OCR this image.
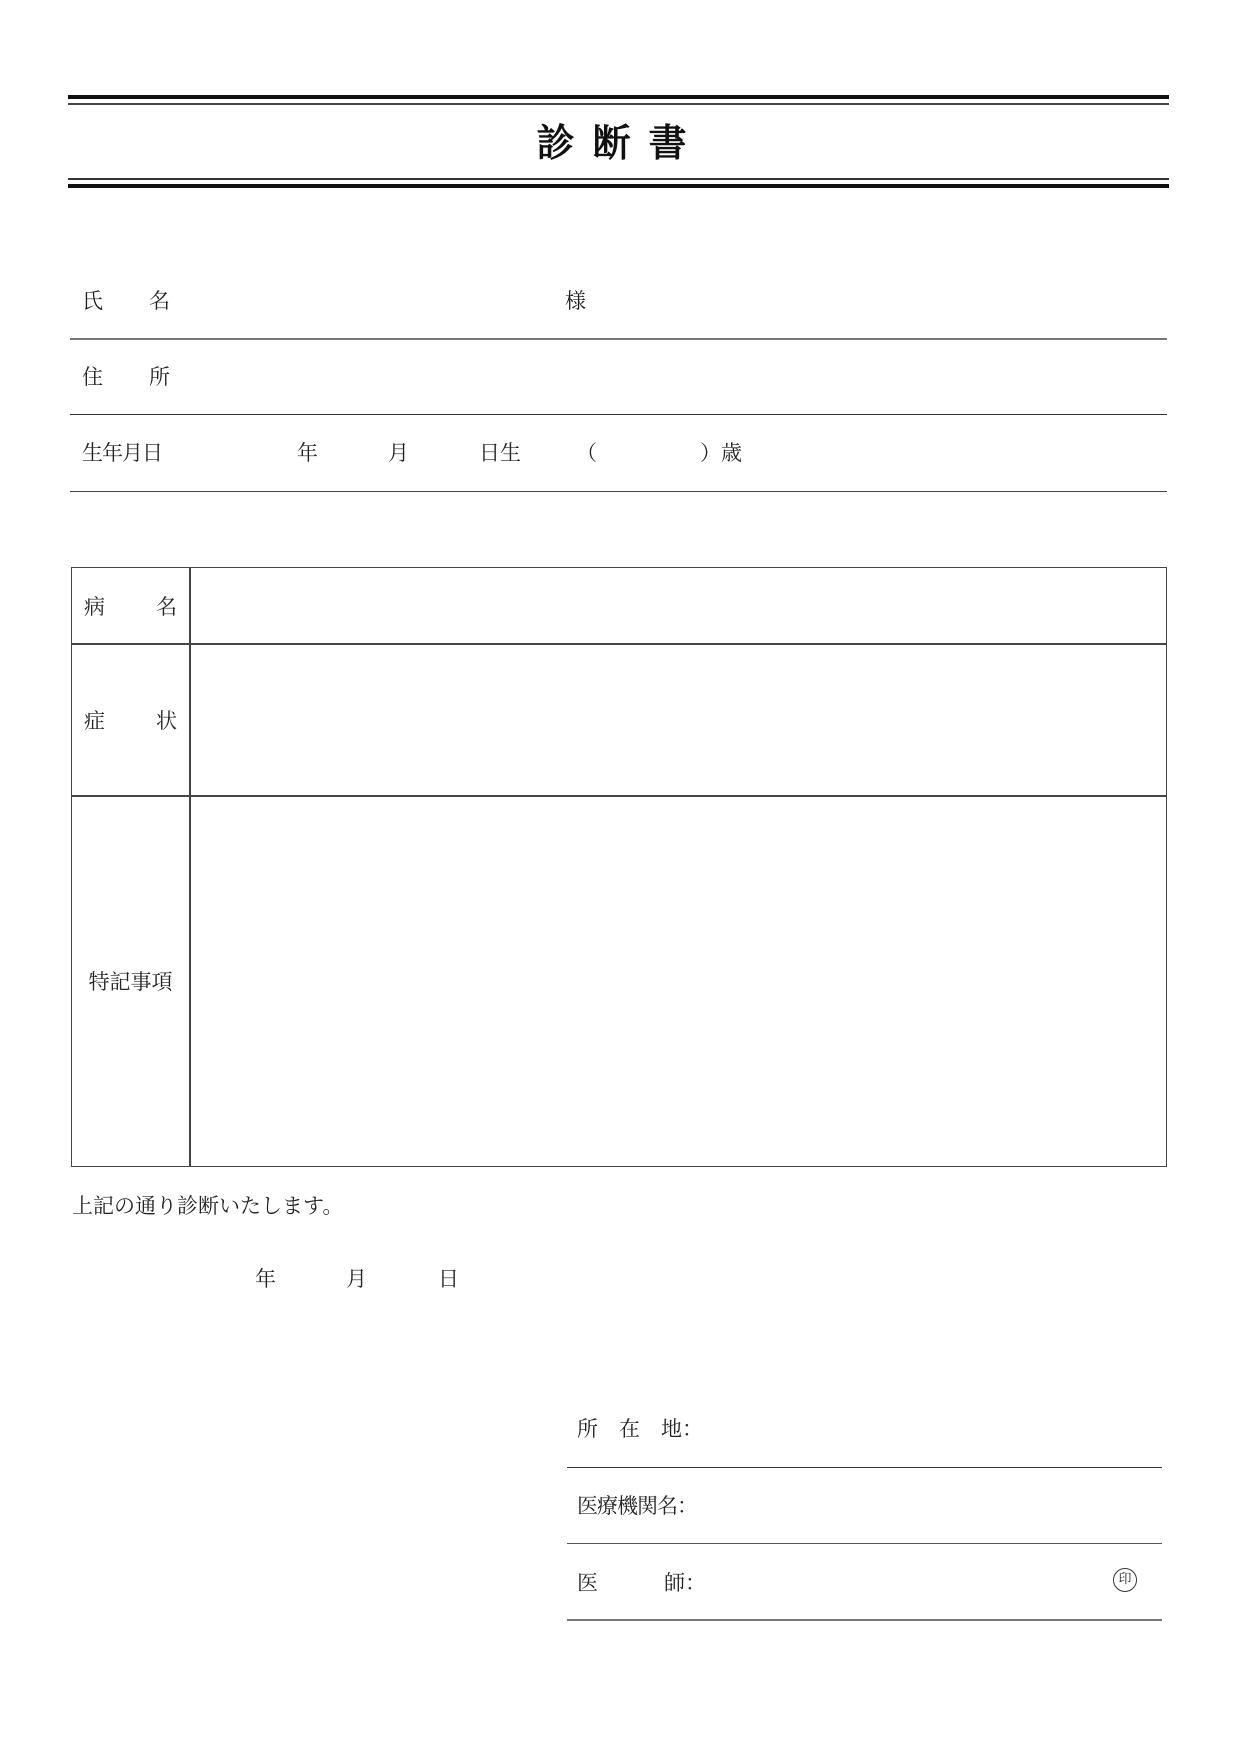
診断書
氏 名	様
住 所
生年月日	年	月	日生	（	）歳
病 名
症 状
特記事項
上記の通り診断いたします。
年	月	日
所　在　地：
医療機関名：
医	師：	印
